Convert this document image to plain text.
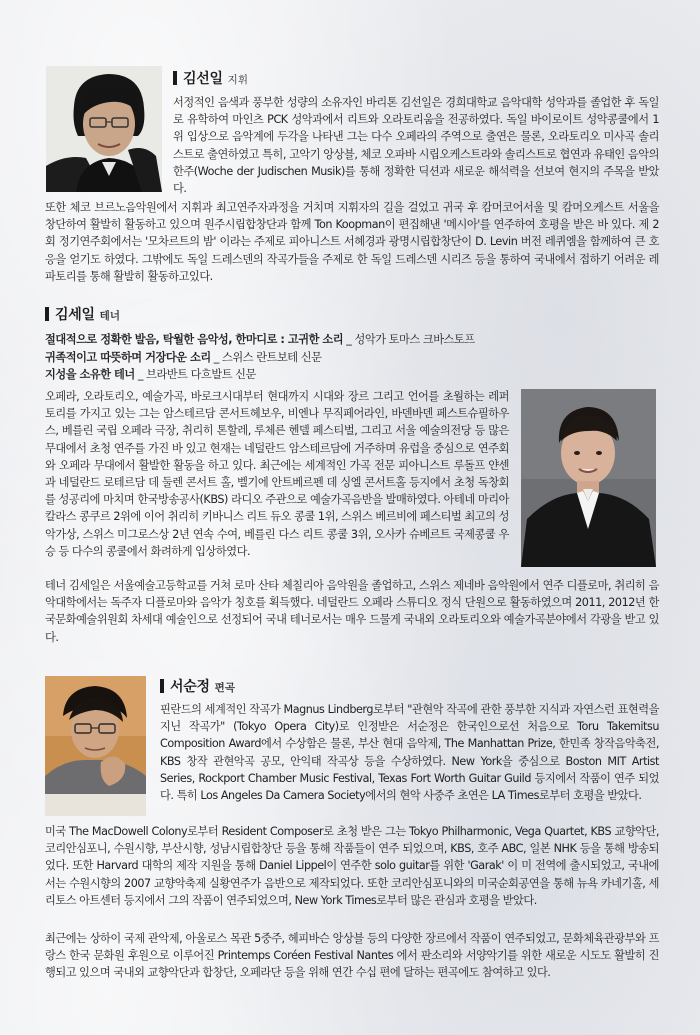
김선일 지휘

서정적인 음색과 풍부한 성량의 소유자인 바리톤 김선일은 경희대학교 음악대학 성악과를 졸업한 후 독일로 유학하여 마인츠 PCK 성악과에서 리트와 오라토리움을 전공하였다. 독일 바이로이트 성악콩쿨에서 1위 입상으로 음악계에 두각을 나타낸 그는 다수 오페라의 주역으로 출연은 물론, 오라토리오 미사곡 솔리스트로 출연하였고 특히, 고악기 앙상블, 체코 오파바 시립오케스트라와 솔리스트로 협연과 유태인 음악의 한주(Woche der Judischen Musik)를 통해 정확한 딕션과 새로운 해석력을 선보여 현지의 주목을 받았다.

또한 체코 브르노음악원에서 지휘과 최고연주자과정을 거치며 지휘자의 길을 걸었고 귀국 후 캄머코어서울 및 캄머오케스트 서울을 창단하여 활발히 활동하고 있으며 원주시립합창단과 함께 Ton Koopman이 편집해낸 '메시아'를 연주하여 호평을 받은 바 있다. 제 2회 정기연주회에서는 '모차르트의 밤' 이라는 주제로 피아니스트 서혜경과 광명시립합창단이 D. Levin 버전 레퀴엠을 함께하여 큰 호응을 얻기도 하였다. 그밖에도 독일 드레스덴의 작곡가들을 주제로 한 독일 드레스덴 시리즈 등을 통하여 국내에서 접하기 어려운 레파토리를 통해 활발히 활동하고있다.

김세일 테너
절대적으로 정확한 발음, 탁월한 음악성, 한마디로 : 고귀한 소리 _ 성악가 토마스 크바스토프
귀족적이고 따뜻하며 거장다운 소리 _ 스위스 란트보테 신문
지성을 소유한 테너 _ 브라반트 다흐발트 신문

오페라, 오라토리오, 예술가곡, 바로크시대부터 현대까지 시대와 장르 그리고 언어를 초월하는 레퍼토리를 가지고 있는 그는 암스테르담 콘서트헤보우, 비엔나 무직페어라인, 바덴바덴 페스트슈필하우스, 베를린 국립 오페라 극장, 취리히 톤할레, 루체른 헨델 페스티벌, 그리고 서울 예술의전당 등 많은 무대에서 초청 연주를 가진 바 있고 현재는 네덜란드 암스테르담에 거주하며 유럽을 중심으로 연주회와 오페라 무대에서 활발한 활동을 하고 있다. 최근에는 세계적인 가곡 전문 피아니스트 루돌프 얀센과 네덜란드 로테르담 데 둘렌 콘서트 홀, 벨기에 안트베르펜 데 싱엘 콘서트홀 등지에서 초청 독창회를 성공리에 마치며 한국방송공사(KBS) 라디오 주관으로 예술가곡음반을 발매하였다. 아테네 마리아 칼라스 콩쿠르 2위에 이어 취리히 키바니스 리트 듀오 콩쿨 1위, 스위스 베르비에 페스티벌 최고의 성악가상, 스위스 미그로스상 2년 연속 수여, 베를린 다스 리트 콩쿨 3위, 오사카 슈베르트 국제콩쿨 우승 등 다수의 콩쿨에서 화려하게 입상하였다.

테너 김세일은 서울예술고등학교를 거쳐 로마 산타 체칠리아 음악원을 졸업하고, 스위스 제네바 음악원에서 연주 디플로마, 취리히 음악대학에서는 독주자 디플로마와 음악가 칭호를 획득했다. 네덜란드 오페라 스튜디오 정식 단원으로 활동하였으며 2011, 2012년 한국문화예술위원회 차세대 예술인으로 선정되어 국내 테너로서는 매우 드물게 국내외 오라토리오와 예술가곡분야에서 각광을 받고 있다.

서순정 편곡

핀란드의 세계적인 작곡가 Magnus Lindberg로부터 "관현악 작곡에 관한 풍부한 지식과 자연스런 표현력을 지닌 작곡가" (Tokyo Opera City)로 인정받은 서순정은 한국인으로선 처음으로 Toru Takemitsu Composition Award에서 수상함은 물론, 부산 현대 음악제, The Manhattan Prize, 한민족 창작음악축전, KBS 창작 관현악곡 공모, 안익태 작곡상 등을 수상하였다. New York을 중심으로 Boston MIT Artist Series, Rockport Chamber Music Festival, Texas Fort Worth Guitar Guild 등지에서 작품이 연주 되었다. 특히 Los Angeles Da Camera Society에서의 현악 사중주 초연은 LA Times로부터 호평을 받았다.

미국 The MacDowell Colony로부터 Resident Composer로 초청 받은 그는 Tokyo Philharmonic, Vega Quartet, KBS 교향악단, 코리안심포니, 수원시향, 부산시향, 성남시립합창단 등을 통해 작품들이 연주 되었으며, KBS, 호주 ABC, 일본 NHK 등을 통해 방송되었다. 또한 Harvard 대학의 제작 지원을 통해 Daniel Lippel이 연주한 solo guitar를 위한 'Garak' 이 미 전역에 출시되었고, 국내에서는 수원시향의 2007 교향악축제 실황연주가 음반으로 제작되었다. 또한 코리안심포니와의 미국순회공연을 통해 뉴욕 카네기홀, 세리토스 아트센터 등지에서 그의 작품이 연주되었으며, New York Times로부터 많은 관심과 호평을 받았다.

최근에는 상하이 국제 관악제, 아울로스 목관 5중주, 헤피바슨 앙상블 등의 다양한 장르에서 작품이 연주되었고, 문화체육관광부와 프랑스 한국 문화원 후원으로 이루어진 Printemps Coréen Festival Nantes 에서 판소리와 서양악기를 위한 새로운 시도도 활발히 진행되고 있으며 국내외 교향악단과 합창단, 오페라단 등을 위해 연간 수십 편에 달하는 편곡에도 참여하고 있다.
